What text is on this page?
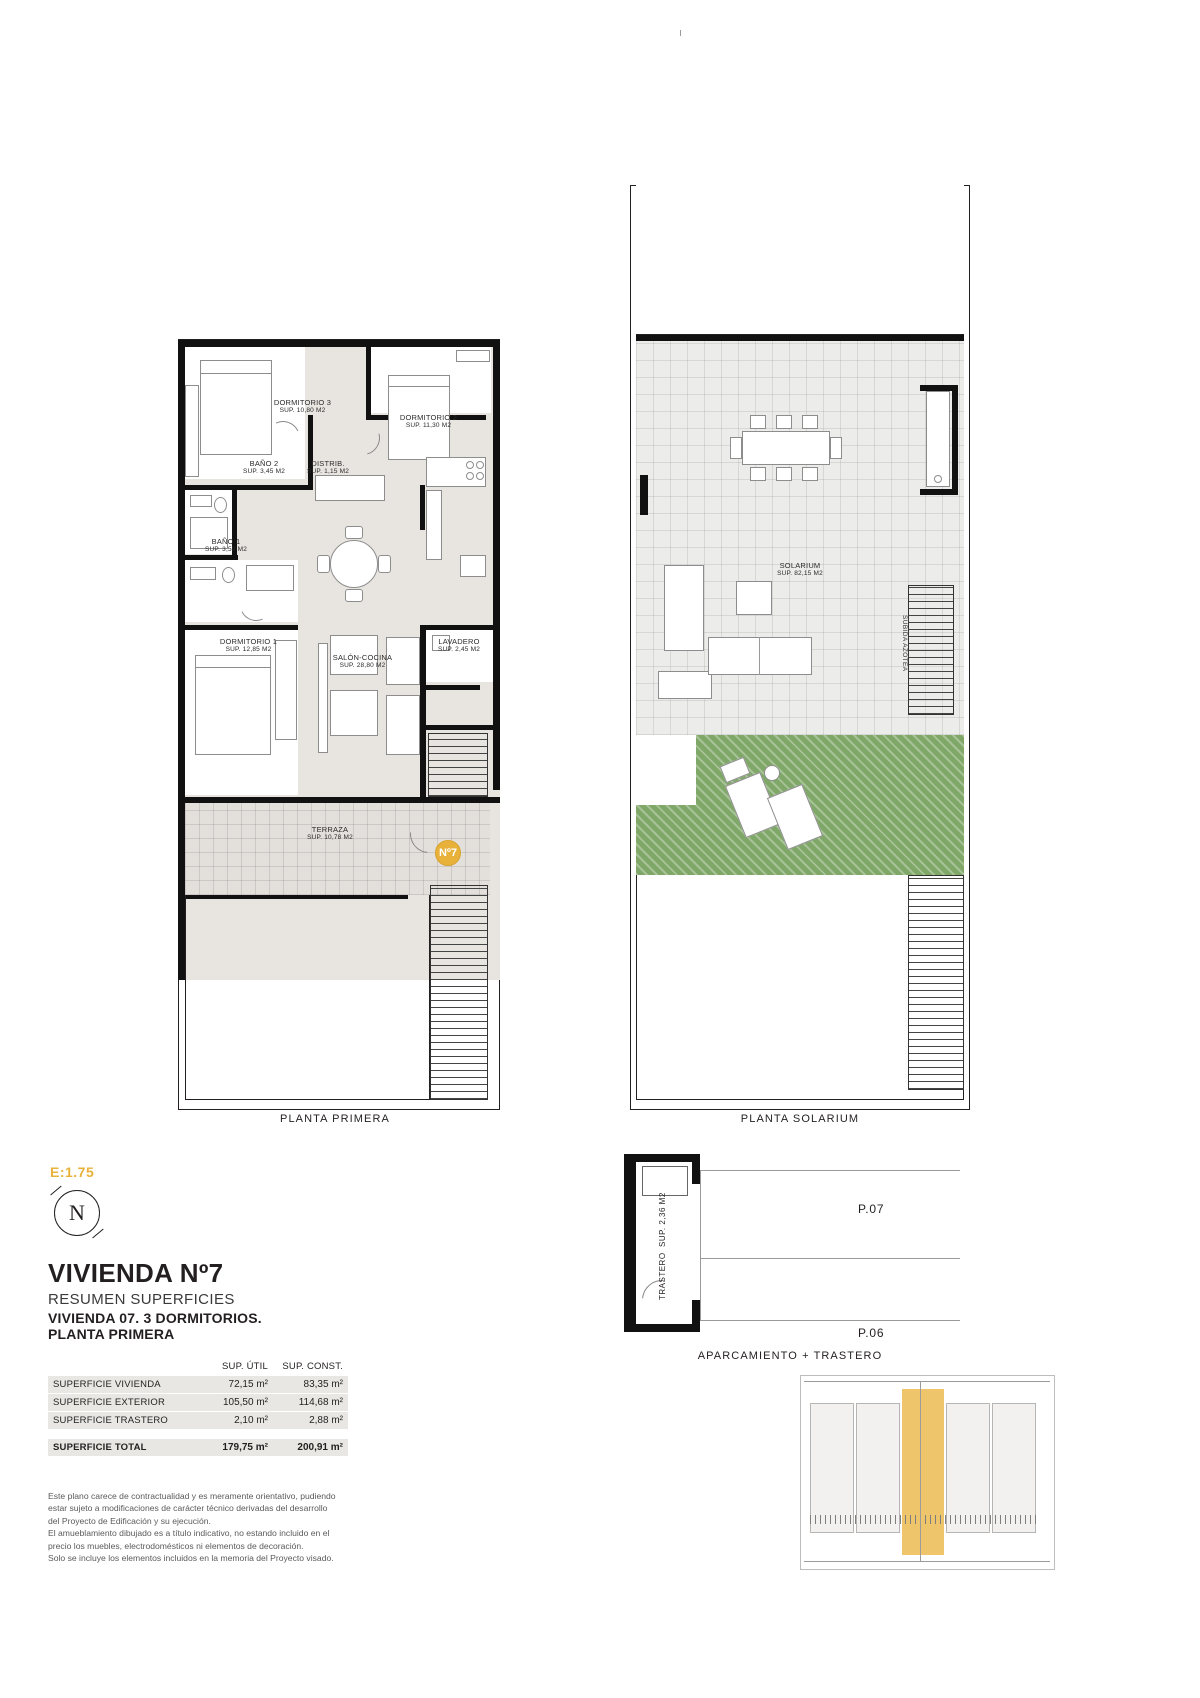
DORMITORIO 2
SUP. 11,30 M2
DORMITORIO 3
SUP. 10,80 M2
BAÑO 2
SUP. 3,45 M2
DISTRIB.
SUP. 1,15 M2
BAÑO 1
SUP. 3,50 M2
DORMITORIO 1
SUP. 12,85 M2
SALÓN-COCINA
SUP. 28,80 M2
LAVADERO
SUP. 2,45 M2
TERRAZA
SUP. 10,78 M2
Nº7
PLANTA PRIMERA
SUBIDA AZOTEA
SOLARIUM
SUP. 82,15 M2
PLANTA SOLARIUM
E:1.75
N
VIVIENDA Nº7
RESUMEN SUPERFICIES
VIVIENDA 07. 3 DORMITORIOS.
PLANTA PRIMERA
	SUP. ÚTIL	SUP. CONST.
SUPERFICIE VIVIENDA	72,15 m²	83,35 m²
SUPERFICIE EXTERIOR	105,50 m²	114,68 m²
SUPERFICIE TRASTERO	2,10 m²	2,88 m²

SUPERFICIE TOTAL	179,75 m²	200,91 m²
Este plano carece de contractualidad y es meramente orientativo, pudiendo
estar sujeto a modificaciones de carácter técnico derivadas del desarrollo
del Proyecto de Edificación y su ejecución.
El amueblamiento dibujado es a título indicativo, no estando incluido en el
precio los muebles, electrodomésticos ni elementos de decoración.
Solo se incluye los elementos incluidos en la memoria del Proyecto visado.
TRASTERO  SUP. 2,36 M2	P.07
P.06
APARCAMIENTO + TRASTERO
